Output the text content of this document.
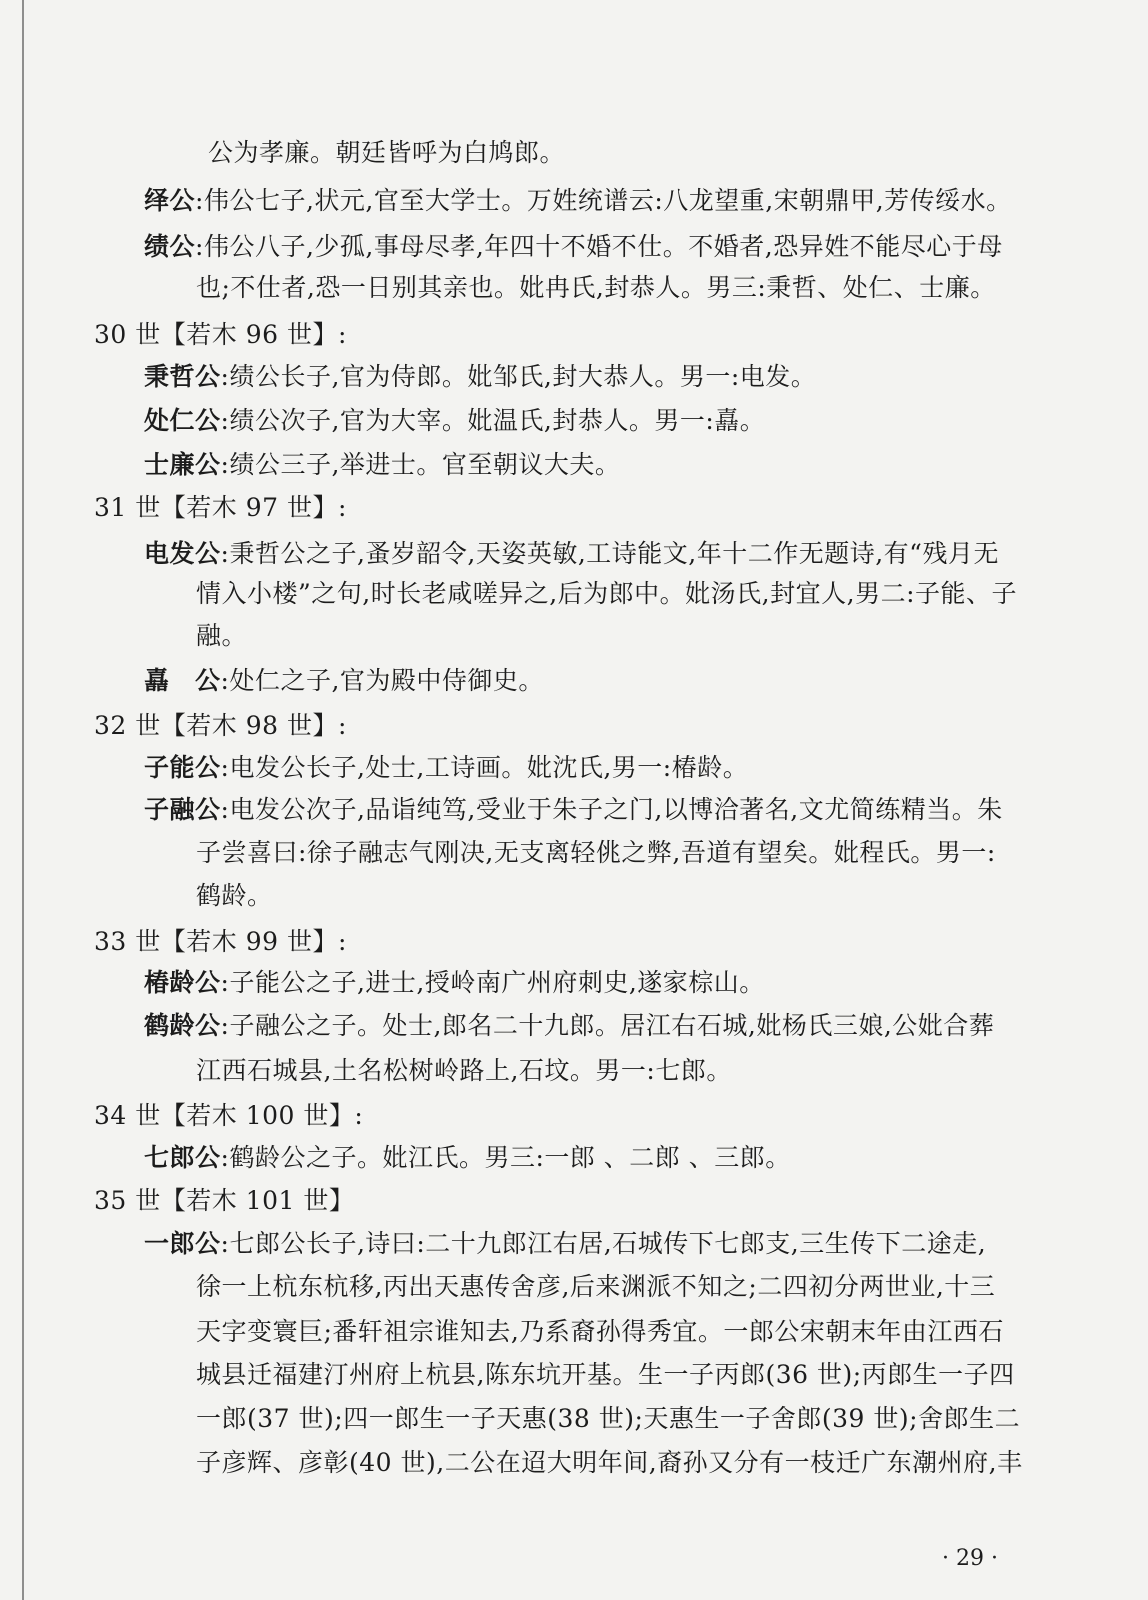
公为孝廉。朝廷皆呼为白鸠郎。
绎公:伟公七子,状元,官至大学士。万姓统谱云:八龙望重,宋朝鼎甲,芳传绥水。
绩公:伟公八子,少孤,事母尽孝,年四十不婚不仕。不婚者,恐异姓不能尽心于母
也;不仕者,恐一日别其亲也。妣冉氏,封恭人。男三:秉哲、处仁、士廉。
30 世【若木 96 世】:
秉哲公:绩公长子,官为侍郎。妣邹氏,封大恭人。男一:电发。
处仁公:绩公次子,官为大宰。妣温氏,封恭人。男一:嚞。
士廉公:绩公三子,举进士。官至朝议大夫。
31 世【若木 97 世】:
电发公:秉哲公之子,蚤岁韶令,天姿英敏,工诗能文,年十二作无题诗,有“残月无
情入小楼”之句,时长老咸嗟异之,后为郎中。妣汤氏,封宜人,男二:子能、子
融。
嚞　公:处仁之子,官为殿中侍御史。
32 世【若木 98 世】:
子能公:电发公长子,处士,工诗画。妣沈氏,男一:椿龄。
子融公:电发公次子,品诣纯笃,受业于朱子之门,以博洽著名,文尤简练精当。朱
子尝喜曰:徐子融志气刚决,无支离轻佻之弊,吾道有望矣。妣程氏。男一:
鹤龄。
33 世【若木 99 世】:
椿龄公:子能公之子,进士,授岭南广州府刺史,遂家棕山。
鹤龄公:子融公之子。处士,郎名二十九郎。居江右石城,妣杨氏三娘,公妣合葬
江西石城县,土名松树岭路上,石坟。男一:七郎。
34 世【若木 100 世】:
七郎公:鹤龄公之子。妣江氏。男三:一郎 、二郎 、三郎。
35 世【若木 101 世】
一郎公:七郎公长子,诗曰:二十九郎江右居,石城传下七郎支,三生传下二途走,
徐一上杭东杭移,丙出天惠传舍彦,后来渊派不知之;二四初分两世业,十三
天字变寰巨;番轩祖宗谁知去,乃系裔孙得秀宜。一郎公宋朝末年由江西石
城县迁福建汀州府上杭县,陈东坑开基。生一子丙郎(36 世);丙郎生一子四
一郎(37 世);四一郎生一子天惠(38 世);天惠生一子舍郎(39 世);舍郎生二
子彦辉、彦彰(40 世),二公在迢大明年间,裔孙又分有一枝迁广东潮州府,丰
· 29 ·
